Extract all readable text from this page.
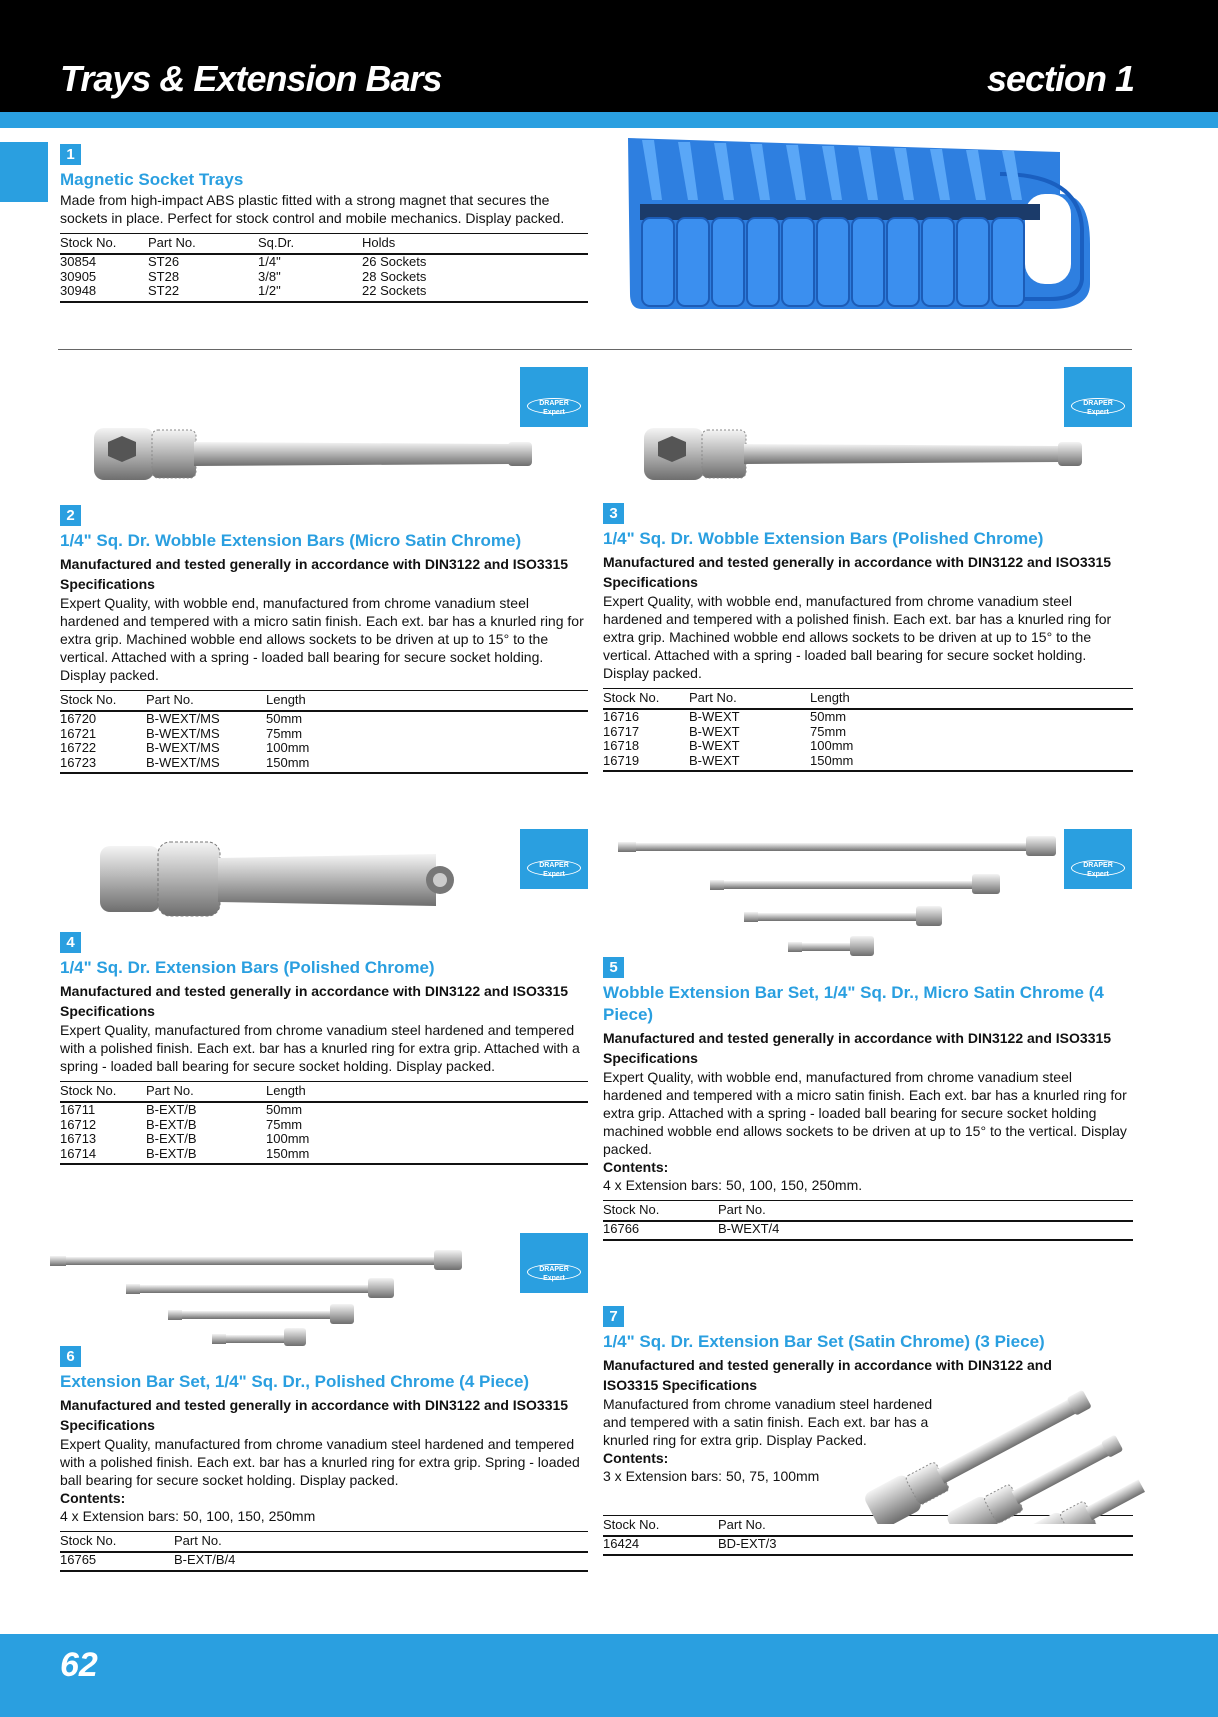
Trays & Extension Bars	section 1
1
Magnetic Socket Trays
Made from high-impact ABS plastic fitted with a strong magnet that secures the sockets in place. Perfect for stock control and mobile mechanics. Display packed.
Stock No.	Part No.	Sq.Dr.	Holds
30854	ST26	1/4"	26 Sockets
30905	ST28	3/8"	28 Sockets
30948	ST22	1/2"	22 Sockets
DRAPER
Expert
DRAPER
Expert
DRAPER
Expert
DRAPER
Expert
DRAPER
Expert
2
1/4" Sq. Dr. Wobble Extension Bars (Micro Satin Chrome)
Manufactured and tested generally in accordance with DIN3122 and ISO3315 Specifications
Expert Quality, with wobble end, manufactured from chrome vanadium steel hardened and tempered with a micro satin finish. Each ext. bar has a knurled ring for extra grip. Machined wobble end allows sockets to be driven at up to 15° to the vertical. Attached with a spring - loaded ball bearing for secure socket holding. Display packed.
Stock No.	Part No.	Length
16720	B-WEXT/MS	50mm
16721	B-WEXT/MS	75mm
16722	B-WEXT/MS	100mm
16723	B-WEXT/MS	150mm
3
1/4" Sq. Dr. Wobble Extension Bars (Polished Chrome)
Manufactured and tested generally in accordance with DIN3122 and ISO3315 Specifications
Expert Quality, with wobble end, manufactured from chrome vanadium steel hardened and tempered with a polished finish. Each ext. bar has a knurled ring for extra grip. Machined wobble end allows sockets to be driven at up to 15° to the vertical. Attached with a spring - loaded ball bearing for secure socket holding. Display packed.
Stock No.	Part No.	Length
16716	B-WEXT	50mm
16717	B-WEXT	75mm
16718	B-WEXT	100mm
16719	B-WEXT	150mm
4
1/4" Sq. Dr. Extension Bars (Polished Chrome)
Manufactured and tested generally in accordance with DIN3122 and ISO3315 Specifications
Expert Quality, manufactured from chrome vanadium steel hardened and tempered with a polished finish. Each ext. bar has a knurled ring for extra grip. Attached with a spring - loaded ball bearing for secure socket holding. Display packed.
Stock No.	Part No.	Length
16711	B-EXT/B	50mm
16712	B-EXT/B	75mm
16713	B-EXT/B	100mm
16714	B-EXT/B	150mm
5
Wobble Extension Bar Set, 1/4" Sq. Dr., Micro Satin Chrome (4 Piece)
Manufactured and tested generally in accordance with DIN3122 and ISO3315 Specifications
Expert Quality, with wobble end, manufactured from chrome vanadium steel hardened and tempered with a micro satin finish. Each ext. bar has a knurled ring for extra grip. Attached with a spring - loaded ball bearing for secure socket holding machined wobble end allows sockets to be driven at up to 15° to the vertical. Display packed.
Contents:
4 x Extension bars: 50, 100, 150, 250mm.
Stock No.	Part No.
16766	B-WEXT/4
6
Extension Bar Set, 1/4" Sq. Dr., Polished Chrome (4 Piece)
Manufactured and tested generally in accordance with DIN3122 and ISO3315 Specifications
Expert Quality, manufactured from chrome vanadium steel hardened and tempered with a polished finish. Each ext. bar has a knurled ring for extra grip. Spring - loaded ball bearing for secure socket holding. Display packed.
Contents:
4 x Extension bars: 50, 100, 150, 250mm
Stock No.	Part No.
16765	B-EXT/B/4
7
1/4" Sq. Dr. Extension Bar Set (Satin Chrome) (3 Piece)
Manufactured and tested generally in accordance with DIN3122 and ISO3315 Specifications
Manufactured from chrome vanadium steel hardened and tempered with a satin finish. Each ext. bar has a knurled ring for extra grip. Display Packed.
Contents:
3 x Extension bars: 50, 75, 100mm
Stock No.	Part No.
16424	BD-EXT/3
62
